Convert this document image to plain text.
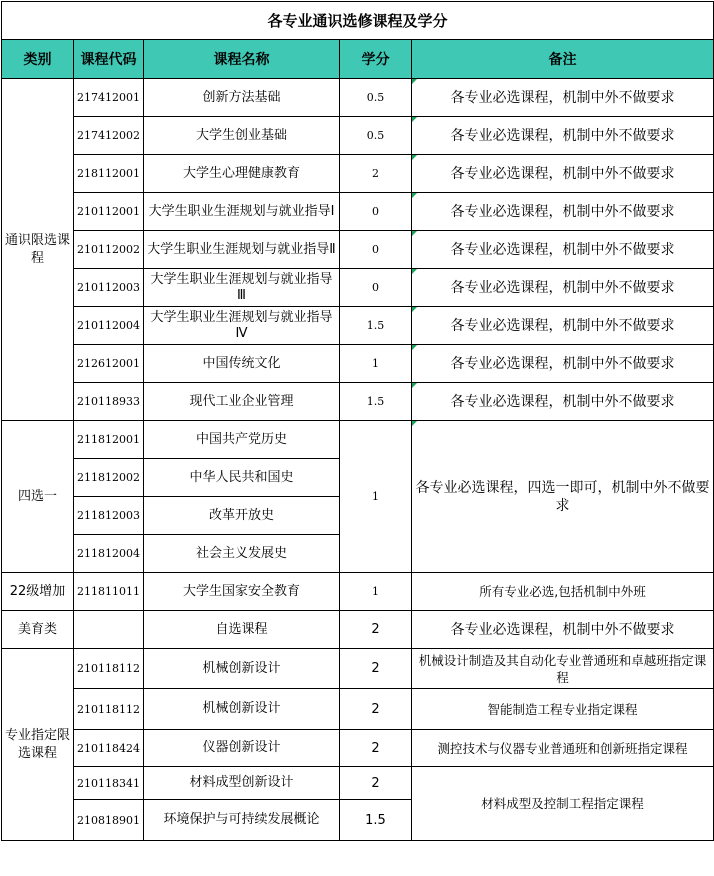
各专业通识选修课程及学分				
类别	课程代码	课程名称	学分	备注
通识限选课程	217412001	创新方法基础	0.5	各专业必选课程，机制中外不做要求
	217412002	大学生创业基础	0.5	各专业必选课程，机制中外不做要求
	218112001	大学生心理健康教育	2	各专业必选课程，机制中外不做要求
	210112001	大学生职业生涯规划与就业指导Ⅰ	0	各专业必选课程，机制中外不做要求
	210112002	大学生职业生涯规划与就业指导Ⅱ	0	各专业必选课程，机制中外不做要求
	210112003	大学生职业生涯规划与就业指导Ⅲ	0	各专业必选课程，机制中外不做要求
	210112004	大学生职业生涯规划与就业指导Ⅳ	1.5	各专业必选课程，机制中外不做要求
	212612001	中国传统文化	1	各专业必选课程，机制中外不做要求
	210118933	现代工业企业管理	1.5	各专业必选课程，机制中外不做要求
四选一	211812001	中国共产党历史	1	各专业必选课程，四选一即可，机制中外不做要求
	211812002	中华人民共和国史		
	211812003	改革开放史		
	211812004	社会主义发展史		
22级增加	211811011	大学生国家安全教育	1	所有专业必选,包括机制中外班
美育类		自选课程	2	各专业必选课程，机制中外不做要求
专业指定限选课程	210118112	机械创新设计	2	机械设计制造及其自动化专业普通班和卓越班指定课程
	210118112	机械创新设计	2	智能制造工程专业指定课程
	210118424	仪器创新设计	2	测控技术与仪器专业普通班和创新班指定课程
	210118341	材料成型创新设计	2	材料成型及控制工程指定课程
	210818901	环境保护与可持续发展概论	1.5	
